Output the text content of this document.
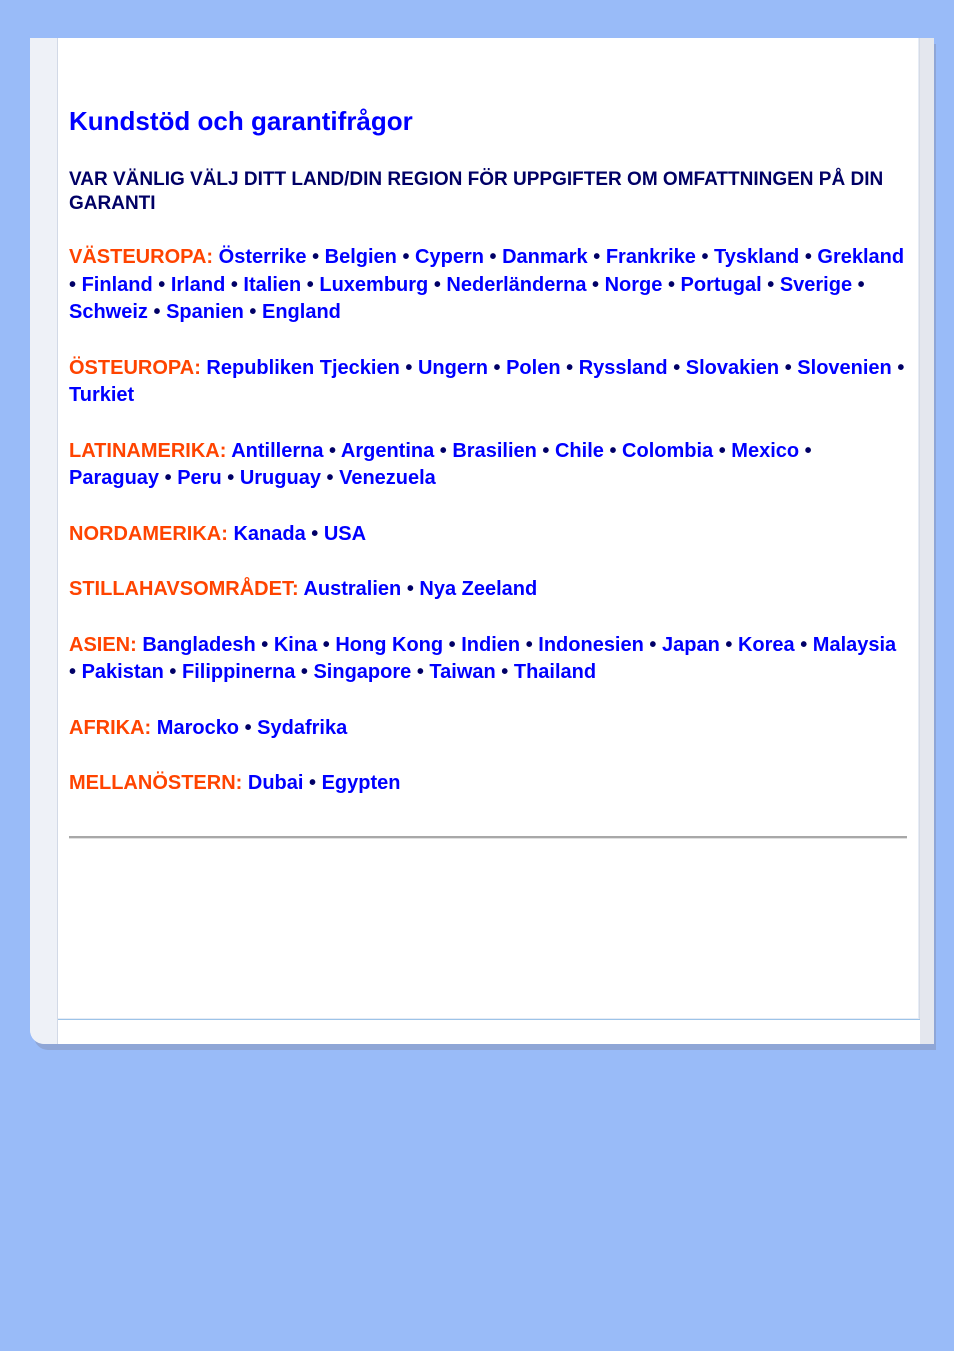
Kundstöd och garantifrågor

VAR VÄNLIG VÄLJ DITT LAND/DIN REGION FÖR UPPGIFTER OM OMFATTNINGEN PÅ DIN GARANTI

VÄSTEUROPA: Österrike • Belgien • Cypern • Danmark • Frankrike • Tyskland • Grekland • Finland • Irland • Italien • Luxemburg • Nederländerna • Norge • Portugal • Sverige • Schweiz • Spanien • England

ÖSTEUROPA: Republiken Tjeckien • Ungern • Polen • Ryssland • Slovakien • Slovenien • Turkiet

LATINAMERIKA: Antillerna • Argentina • Brasilien • Chile • Colombia • Mexico • Paraguay • Peru • Uruguay • Venezuela

NORDAMERIKA: Kanada • USA

STILLAHAVSOMRÅDET: Australien • Nya Zeeland

ASIEN: Bangladesh • Kina • Hong Kong • Indien • Indonesien • Japan • Korea • Malaysia • Pakistan • Filippinerna • Singapore • Taiwan • Thailand

AFRIKA: Marocko • Sydafrika

MELLANÖSTERN: Dubai • Egypten
